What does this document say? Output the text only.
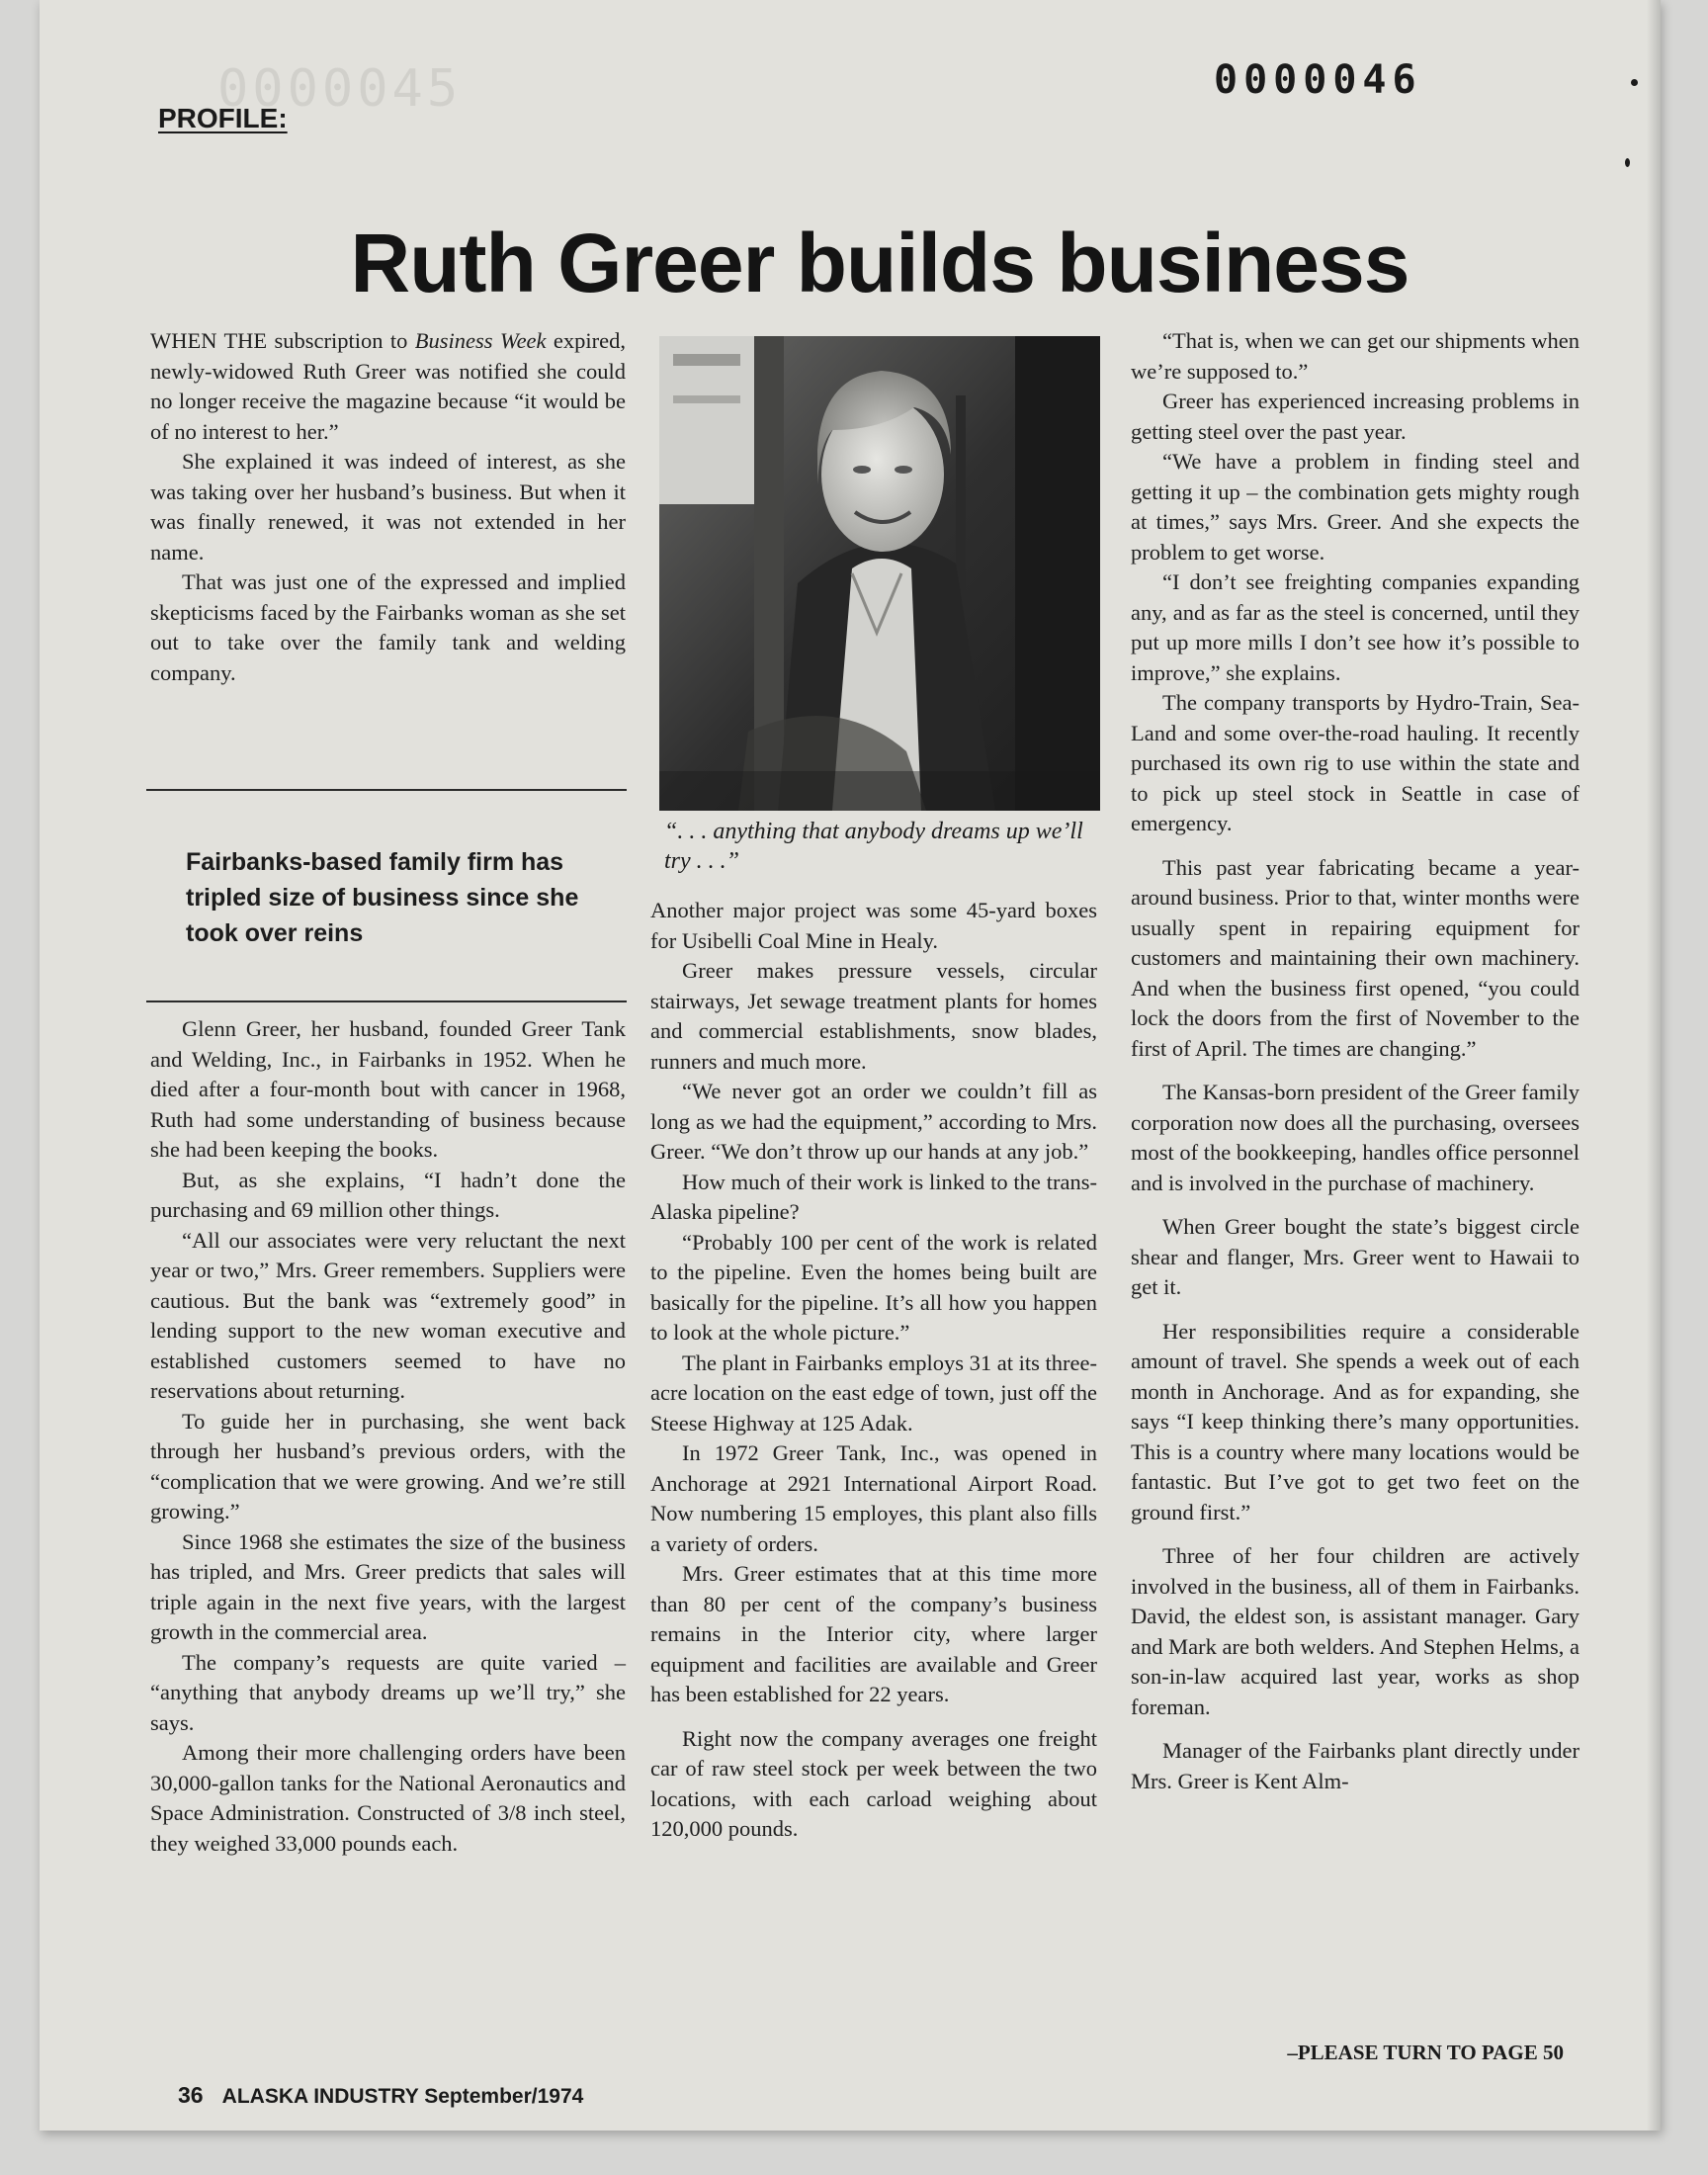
0000045	0000046
PROFILE:
Ruth Greer builds business

WHEN THE subscription to Business Week expired, newly-widowed Ruth Greer was notified she could no longer receive the magazine because “it would be of no interest to her.”

She explained it was indeed of interest, as she was taking over her husband’s business. But when it was finally renewed, it was not extended in her name.

That was just one of the expressed and implied skepticisms faced by the Fairbanks woman as she set out to take over the family tank and welding company.

Fairbanks-based family firm has tripled size of business since she took over reins

Glenn Greer, her husband, founded Greer Tank and Welding, Inc., in Fairbanks in 1952. When he died after a four-month bout with cancer in 1968, Ruth had some understanding of business because she had been keeping the books.

But, as she explains, “I hadn’t done the purchasing and 69 million other things.

“All our associates were very reluctant the next year or two,” Mrs. Greer remembers. Suppliers were cautious. But the bank was “extremely good” in lending support to the new woman executive and established customers seemed to have no reservations about returning.

To guide her in purchasing, she went back through her husband’s previous orders, with the “complication that we were growing. And we’re still growing.”

Since 1968 she estimates the size of the business has tripled, and Mrs. Greer predicts that sales will triple again in the next five years, with the largest growth in the commercial area.

The company’s requests are quite varied – “anything that anybody dreams up we’ll try,” she says.

Among their more challenging orders have been 30,000-gallon tanks for the National Aeronautics and Space Administration. Constructed of 3/8 inch steel, they weighed 33,000 pounds each.

“. . . anything that anybody dreams up we’ll try . . .”

Another major project was some 45-yard boxes for Usibelli Coal Mine in Healy.

Greer makes pressure vessels, circular stairways, Jet sewage treatment plants for homes and commercial establishments, snow blades, runners and much more.

“We never got an order we couldn’t fill as long as we had the equipment,” according to Mrs. Greer. “We don’t throw up our hands at any job.”

How much of their work is linked to the trans-Alaska pipeline?

“Probably 100 per cent of the work is related to the pipeline. Even the homes being built are basically for the pipeline. It’s all how you happen to look at the whole picture.”

The plant in Fairbanks employs 31 at its three-acre location on the east edge of town, just off the Steese Highway at 125 Adak.

In 1972 Greer Tank, Inc., was opened in Anchorage at 2921 International Airport Road. Now numbering 15 employes, this plant also fills a variety of orders.

Mrs. Greer estimates that at this time more than 80 per cent of the company’s business remains in the Interior city, where larger equipment and facilities are available and Greer has been established for 22 years.

Right now the company averages one freight car of raw steel stock per week between the two locations, with each carload weighing about 120,000 pounds.

“That is, when we can get our shipments when we’re supposed to.”

Greer has experienced increasing problems in getting steel over the past year.

“We have a problem in finding steel and getting it up – the combination gets mighty rough at times,” says Mrs. Greer. And she expects the problem to get worse.

“I don’t see freighting companies expanding any, and as far as the steel is concerned, until they put up more mills I don’t see how it’s possible to improve,” she explains.

The company transports by Hydro-Train, Sea-Land and some over-the-road hauling. It recently purchased its own rig to use within the state and to pick up steel stock in Seattle in case of emergency.

This past year fabricating became a year-around business. Prior to that, winter months were usually spent in repairing equipment for customers and maintaining their own machinery. And when the business first opened, “you could lock the doors from the first of November to the first of April. The times are changing.”

The Kansas-born president of the Greer family corporation now does all the purchasing, oversees most of the bookkeeping, handles office personnel and is involved in the purchase of machinery.

When Greer bought the state’s biggest circle shear and flanger, Mrs. Greer went to Hawaii to get it.

Her responsibilities require a considerable amount of travel. She spends a week out of each month in Anchorage. And as for expanding, she says “I keep thinking there’s many opportunities. This is a country where many locations would be fantastic. But I’ve got to get two feet on the ground first.”

Three of her four children are actively involved in the business, all of them in Fairbanks. David, the eldest son, is assistant manager. Gary and Mark are both welders. And Stephen Helms, a son-in-law acquired last year, works as shop foreman.

Manager of the Fairbanks plant directly under Mrs. Greer is Kent Alm-

–PLEASE TURN TO PAGE 50
36 ALASKA INDUSTRY September/1974
